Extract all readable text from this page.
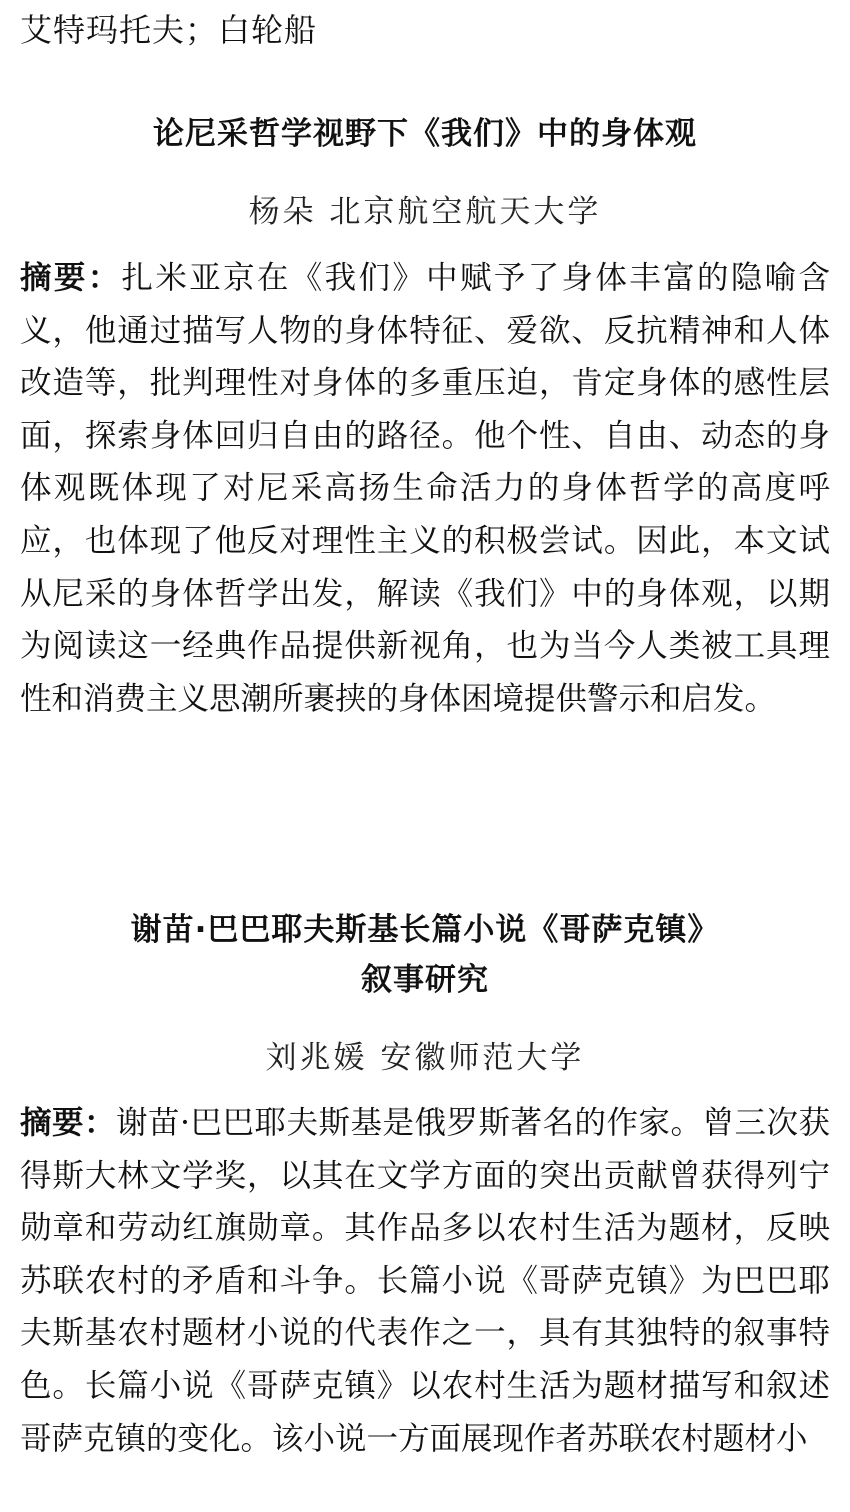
艾特玛托夫；白轮船
论尼采哲学视野下《我们》中的身体观
杨朵 北京航空航天大学

摘要：扎米亚京在《我们》中赋予了身体丰富的隐喻含义，他通过描写人物的身体特征、爱欲、反抗精神和人体改造等，批判理性对身体的多重压迫，肯定身体的感性层面，探索身体回归自由的路径。他个性、自由、动态的身体观既体现了对尼采高扬生命活力的身体哲学的高度呼应，也体现了他反对理性主义的积极尝试。因此，本文试从尼采的身体哲学出发，解读《我们》中的身体观，以期为阅读这一经典作品提供新视角，也为当今人类被工具理性和消费主义思潮所裹挟的身体困境提供警示和启发。

谢苗·巴巴耶夫斯基长篇小说《哥萨克镇》
叙事研究
刘兆媛 安徽师范大学

摘要：谢苗·巴巴耶夫斯基是俄罗斯著名的作家。曾三次获得斯大林文学奖，以其在文学方面的突出贡献曾获得列宁勋章和劳动红旗勋章。其作品多以农村生活为题材，反映苏联农村的矛盾和斗争。长篇小说《哥萨克镇》为巴巴耶夫斯基农村题材小说的代表作之一，具有其独特的叙事特色。长篇小说《哥萨克镇》以农村生活为题材描写和叙述哥萨克镇的变化。该小说一方面展现作者苏联农村题材小
